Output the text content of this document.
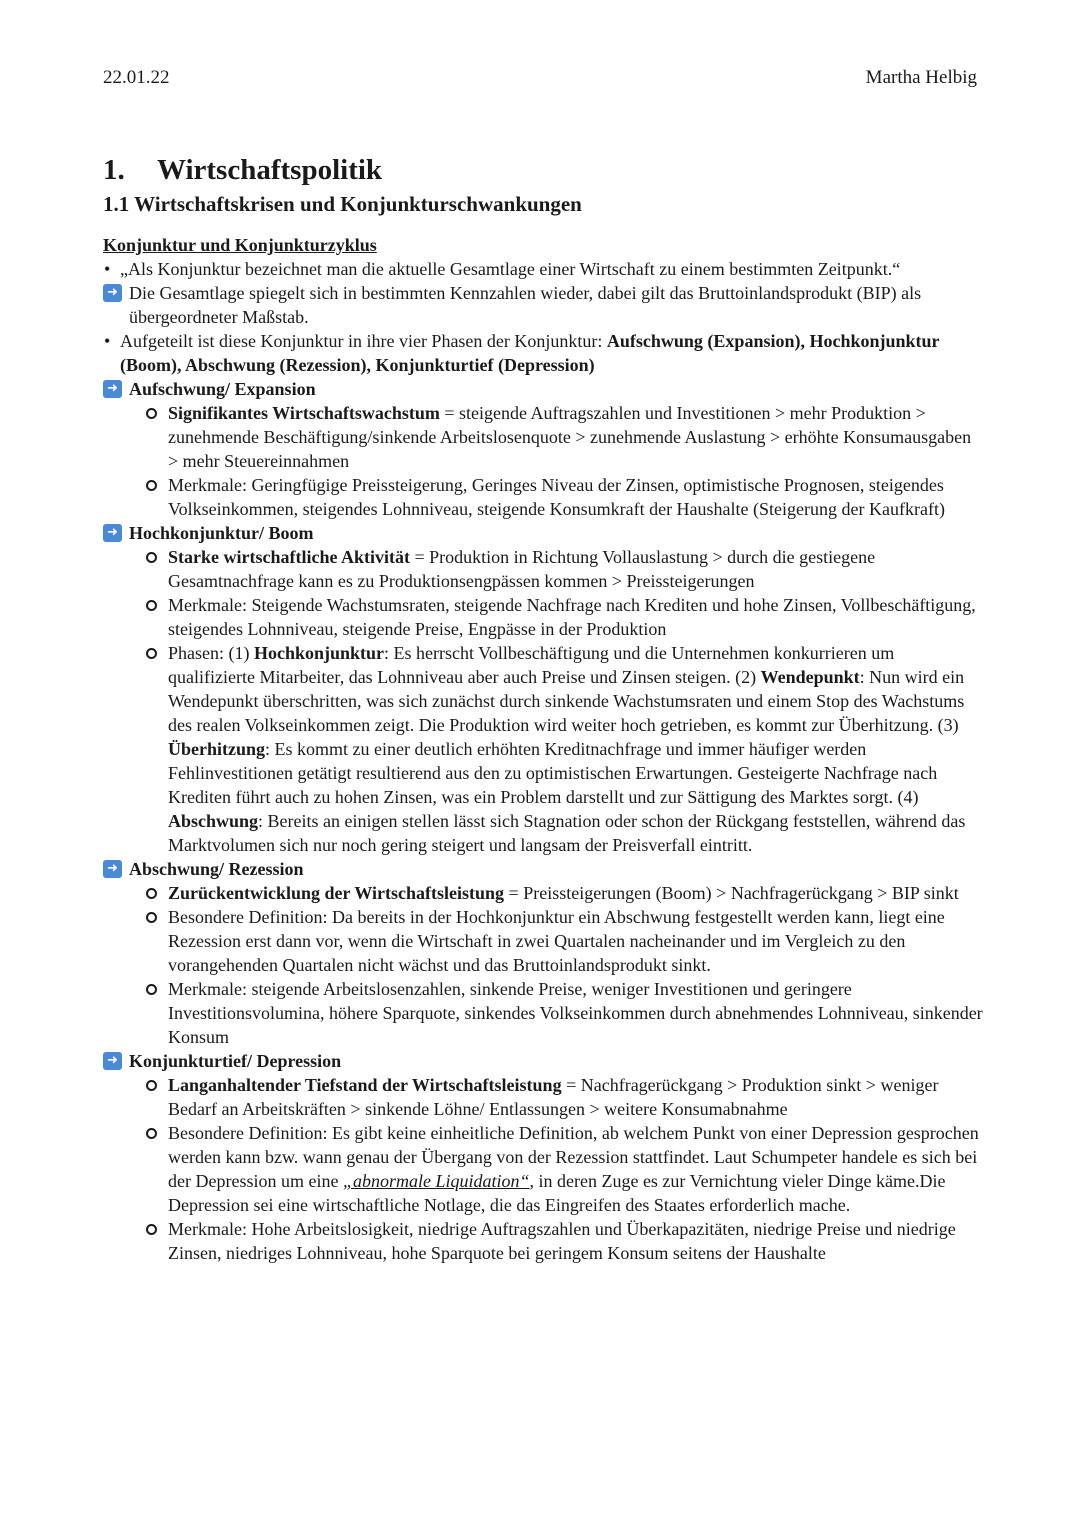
22.01.22	Martha Helbig
1.	Wirtschaftspolitik
1.1 Wirtschaftskrisen und Konjunkturschwankungen
Konjunktur und Konjunkturzyklus
• „Als Konjunktur bezeichnet man die aktuelle Gesamtlage einer Wirtschaft zu einem bestimmten Zeitpunkt.“
➜ Die Gesamtlage spiegelt sich in bestimmten Kennzahlen wieder, dabei gilt das Bruttoinlandsprodukt (BIP) als übergeordneter Maßstab.
• Aufgeteilt ist diese Konjunktur in ihre vier Phasen der Konjunktur: Aufschwung (Expansion), Hochkonjunktur (Boom), Abschwung (Rezession), Konjunkturtief (Depression)
➜ Aufschwung/ Expansion
Signifikantes Wirtschaftswachstum = steigende Auftragszahlen und Investitionen > mehr Produktion > zunehmende Beschäftigung/sinkende Arbeitslosenquote > zunehmende Auslastung > erhöhte Konsumausgaben > mehr Steuereinnahmen
Merkmale: Geringfügige Preissteigerung, Geringes Niveau der Zinsen, optimistische Prognosen, steigendes Volkseinkommen, steigendes Lohnniveau, steigende Konsumkraft der Haushalte (Steigerung der Kaufkraft)
➜ Hochkonjunktur/ Boom
Starke wirtschaftliche Aktivität = Produktion in Richtung Vollauslastung > durch die gestiegene Gesamtnachfrage kann es zu Produktionsengpässen kommen > Preissteigerungen
Merkmale: Steigende Wachstumsraten, steigende Nachfrage nach Krediten und hohe Zinsen, Vollbeschäftigung, steigendes Lohnniveau, steigende Preise, Engpässe in der Produktion
Phasen: (1) Hochkonjunktur: Es herrscht Vollbeschäftigung und die Unternehmen konkurrieren um qualifizierte Mitarbeiter, das Lohnniveau aber auch Preise und Zinsen steigen. (2) Wendepunkt: Nun wird ein Wendepunkt überschritten, was sich zunächst durch sinkende Wachstumsraten und einem Stop des Wachstums des realen Volkseinkommen zeigt. Die Produktion wird weiter hoch getrieben, es kommt zur Überhitzung. (3) Überhitzung: Es kommt zu einer deutlich erhöhten Kreditnachfrage und immer häufiger werden Fehlinvestitionen getätigt resultierend aus den zu optimistischen Erwartungen. Gesteigerte Nachfrage nach Krediten führt auch zu hohen Zinsen, was ein Problem darstellt und zur Sättigung des Marktes sorgt. (4) Abschwung: Bereits an einigen stellen lässt sich Stagnation oder schon der Rückgang feststellen, während das Marktvolumen sich nur noch gering steigert und langsam der Preisverfall eintritt.
➜ Abschwung/ Rezession
Zurückentwicklung der Wirtschaftsleistung = Preissteigerungen (Boom) > Nachfragerückgang > BIP sinkt
Besondere Definition: Da bereits in der Hochkonjunktur ein Abschwung festgestellt werden kann, liegt eine Rezession erst dann vor, wenn die Wirtschaft in zwei Quartalen nacheinander und im Vergleich zu den vorangehenden Quartalen nicht wächst und das Bruttoinlandsprodukt sinkt.
Merkmale: steigende Arbeitslosenzahlen, sinkende Preise, weniger Investitionen und geringere Investitionsvolumina, höhere Sparquote, sinkendes Volkseinkommen durch abnehmendes Lohnniveau, sinkender Konsum
➜ Konjunkturtief/ Depression
Langanhaltender Tiefstand der Wirtschaftsleistung = Nachfragerückgang > Produktion sinkt > weniger Bedarf an Arbeitskräften > sinkende Löhne/ Entlassungen > weitere Konsumabnahme
Besondere Definition: Es gibt keine einheitliche Definition, ab welchem Punkt von einer Depression gesprochen werden kann bzw. wann genau der Übergang von der Rezession stattfindet. Laut Schumpeter handele es sich bei der Depression um eine „abnormale Liquidation“, in deren Zuge es zur Vernichtung vieler Dinge käme.Die Depression sei eine wirtschaftliche Notlage, die das Eingreifen des Staates erforderlich mache.
Merkmale: Hohe Arbeitslosigkeit, niedrige Auftragszahlen und Überkapazitäten, niedrige Preise und niedrige Zinsen, niedriges Lohnniveau, hohe Sparquote bei geringem Konsum seitens der Haushalte
